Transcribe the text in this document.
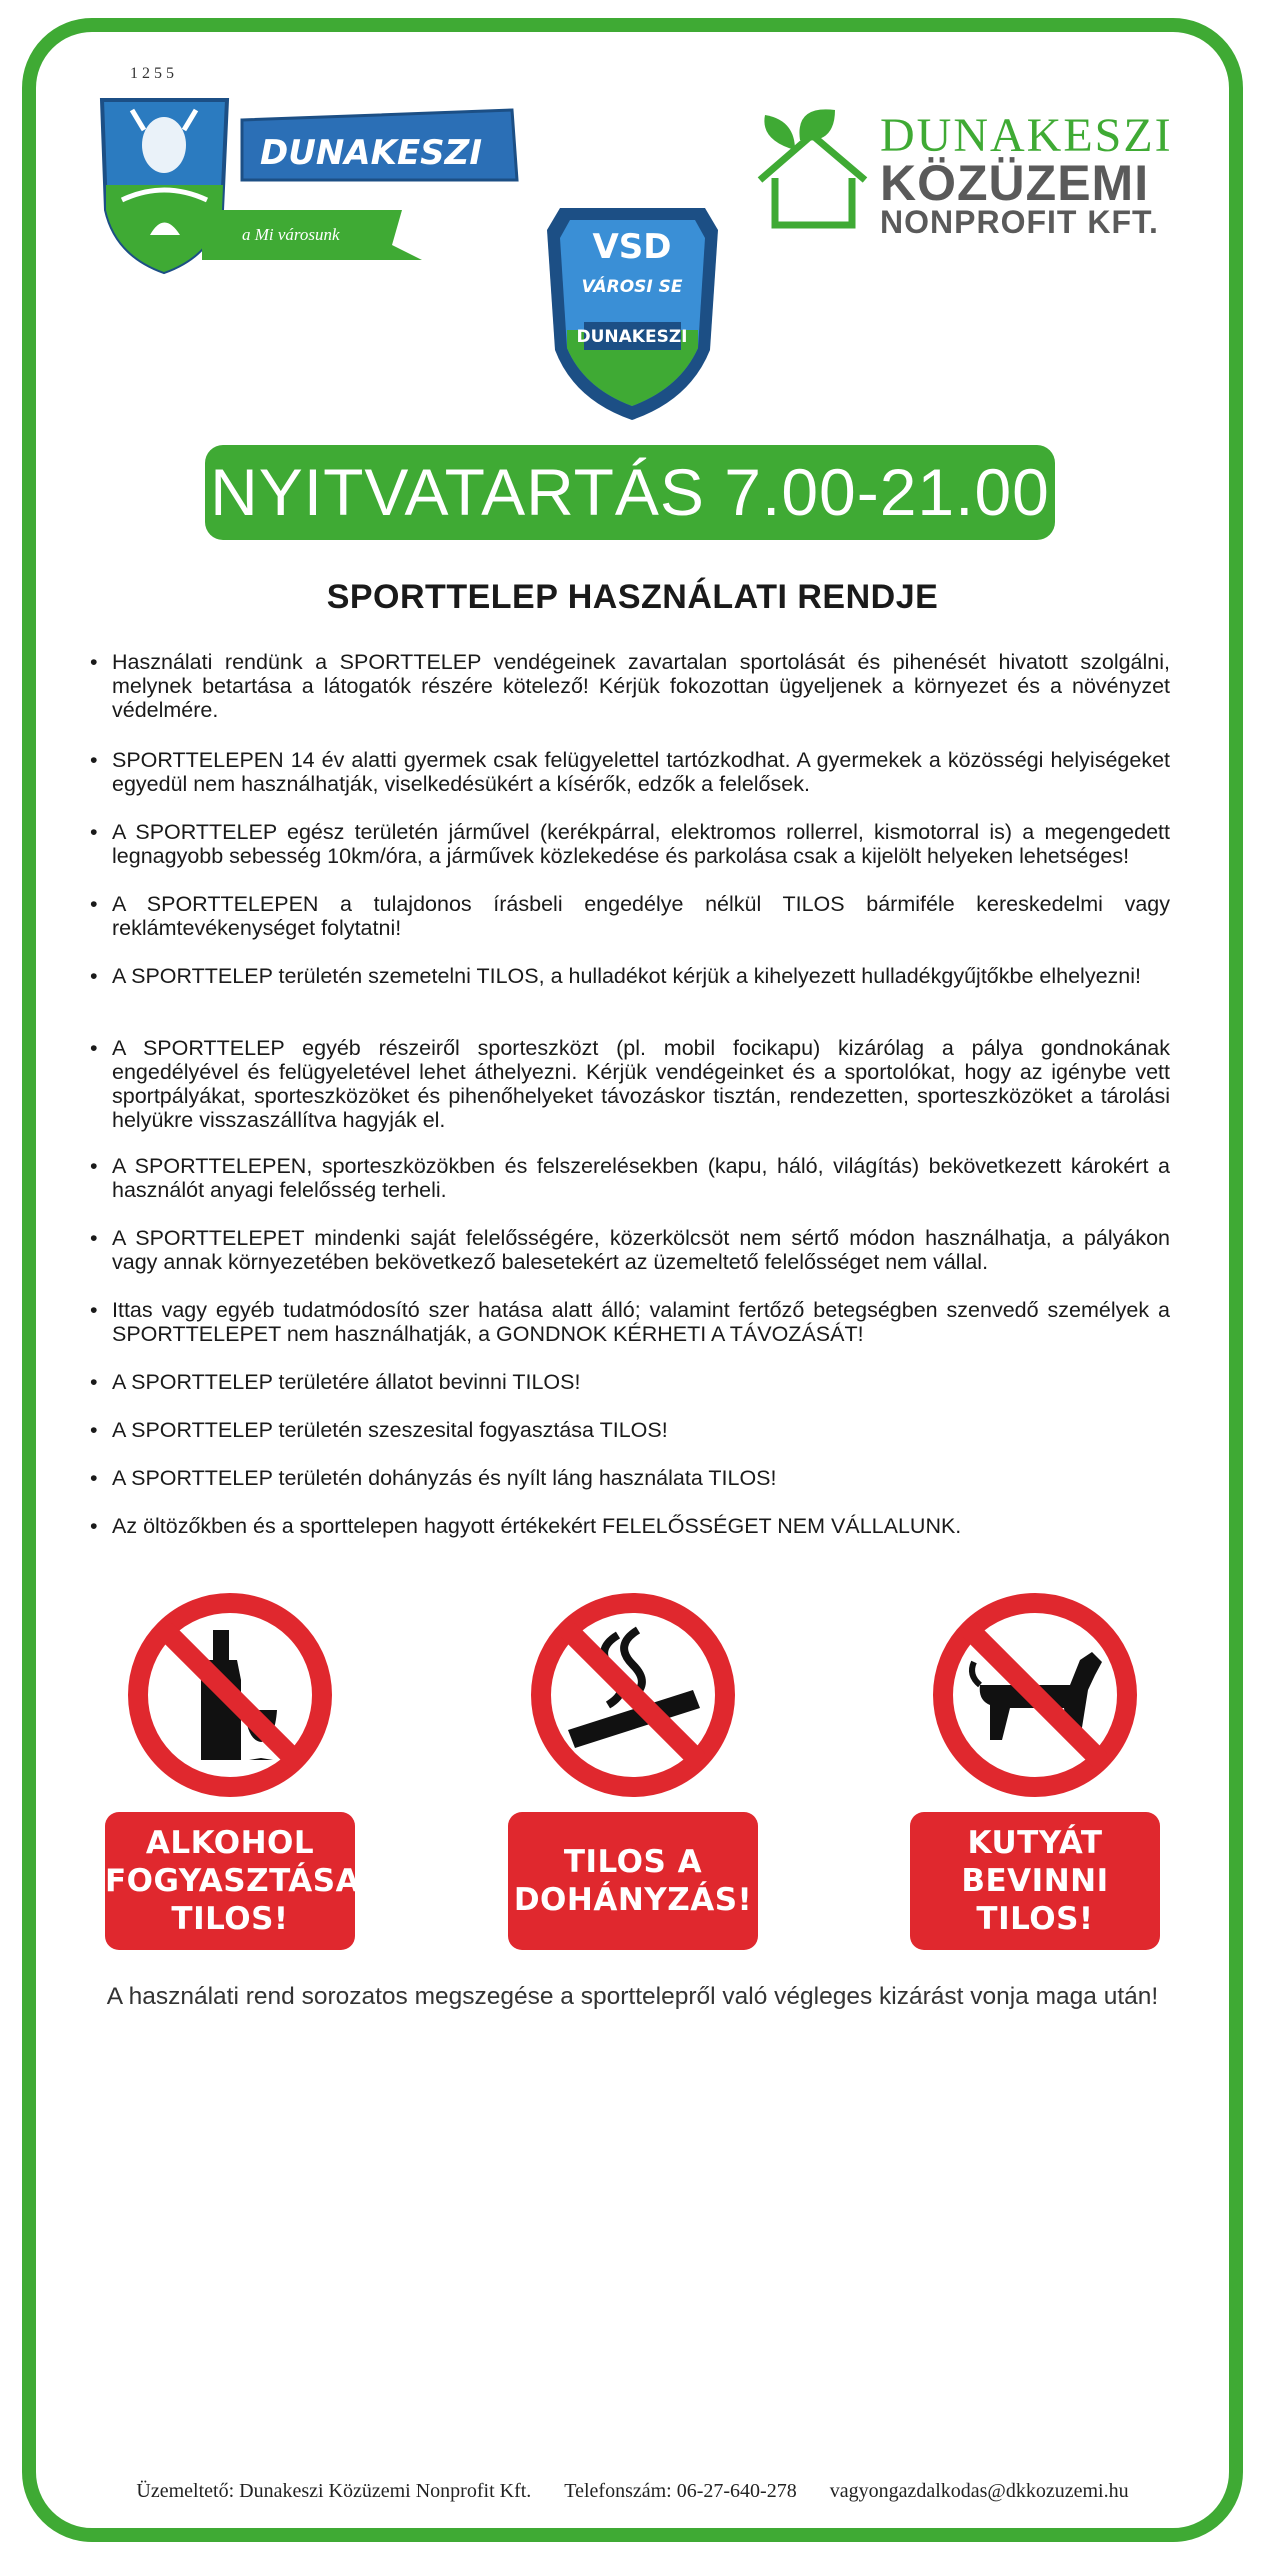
1 2 5 5
DUNAKESZI
a Mi városunk	VSD
VÁROSI SE
DUNAKESZI
DUNAKESZI
KÖZÜZEMI
NONPROFIT KFT.
NYITVATARTÁS 7.00-21.00
SPORTTELEP HASZNÁLATI RENDJE
• Használati rendünk a SPORTTELEP vendégeinek zavartalan sportolását és pihenését hivatott szolgálni, melynek betartása a látogatók részére kötelező! Kérjük fokozottan ügyeljenek a környezet és a növényzet védelmére.
• SPORTTELEPEN 14 év alatti gyermek csak felügyelettel tartózkodhat. A gyermekek a közösségi helyiségeket egyedül nem használhatják, viselkedésükért a kísérők, edzők a felelősek.
• A SPORTTELEP egész területén járművel (kerékpárral, elektromos rollerrel, kismotorral is) a megengedett legnagyobb sebesség 10km/óra, a járművek közlekedése és parkolása csak a kijelölt helyeken lehetséges!
• A SPORTTELEPEN a tulajdonos írásbeli engedélye nélkül TILOS bármiféle kereskedelmi vagy reklámtevékenységet folytatni!
• A SPORTTELEP területén szemetelni TILOS, a hulladékot kérjük a kihelyezett hulladékgyűjtőkbe elhelyezni!
• A SPORTTELEP egyéb részeiről sporteszközt (pl. mobil focikapu) kizárólag a pálya gondnokának engedélyével és felügyeletével lehet áthelyezni. Kérjük vendégeinket és a sportolókat, hogy az igénybe vett sportpályákat, sporteszközöket és pihenőhelyeket távozáskor tisztán, rendezetten, sporteszközöket a tárolási helyükre visszaszállítva hagyják el.
• A SPORTTELEPEN, sporteszközökben és felszerelésekben (kapu, háló, világítás) bekövetkezett károkért a használót anyagi felelősség terheli.
• A SPORTTELEPET mindenki saját felelősségére, közerkölcsöt nem sértő módon használhatja, a pályákon vagy annak környezetében bekövetkező balesetekért az üzemeltető felelősséget nem vállal.
• Ittas vagy egyéb tudatmódosító szer hatása alatt álló; valamint fertőző betegségben szenvedő személyek a SPORTTELEPET nem használhatják, a GONDNOK KÉRHETI A TÁVOZÁSÁT!
• A SPORTTELEP területére állatot bevinni TILOS!
• A SPORTTELEP területén szeszesital fogyasztása TILOS!
• A SPORTTELEP területén dohányzás és nyílt láng használata TILOS!
• Az öltözőkben és a sporttelepen hagyott értékekért FELELŐSSÉGET NEM VÁLLALUNK.
ALKOHOL
FOGYASZTÁSA
TILOS!
TILOS A
DOHÁNYZÁS!
KUTYÁT
BEVINNI
TILOS!

A használati rend sorozatos megszegése a sporttelepről való végleges kizárást vonja maga után!

Üzemeltető: Dunakeszi Közüzemi Nonprofit Kft. Telefonszám: 06-27-640-278 vagyongazdalkodas@dkkozuzemi.hu
